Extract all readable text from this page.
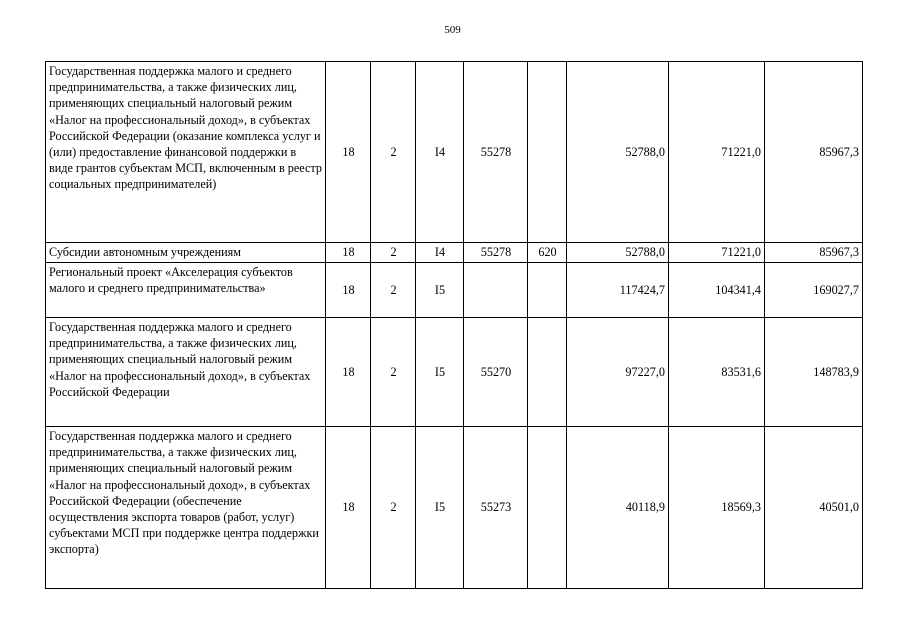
509
Государственная поддержка малого и среднего предпринимательства, а также физических лиц, применяющих специальный налоговый режим «Налог на профессиональный доход», в субъектах Российской Федерации (оказание комплекса услуг и (или) предоставление финансовой поддержки в виде грантов субъектам МСП, включенным в реестр социальных предпринимателей)	18	2	I4	55278		52788,0	71221,0	85967,3
Субсидии автономным учреждениям	18	2	I4	55278	620	52788,0	71221,0	85967,3
Региональный проект «Акселерация субъектов малого и среднего предпринимательства»	18	2	I5			117424,7	104341,4	169027,7
Государственная поддержка малого и среднего предпринимательства, а также физических лиц, применяющих специальный налоговый режим «Налог на профессиональный доход», в субъектах Российской Федерации	18	2	I5	55270		97227,0	83531,6	148783,9
Государственная поддержка малого и среднего предпринимательства, а также физических лиц, применяющих специальный налоговый режим «Налог на профессиональный доход», в субъектах Российской Федерации (обеспечение осуществления экспорта товаров (работ, услуг) субъектами МСП при поддержке центра поддержки экспорта)	18	2	I5	55273		40118,9	18569,3	40501,0
